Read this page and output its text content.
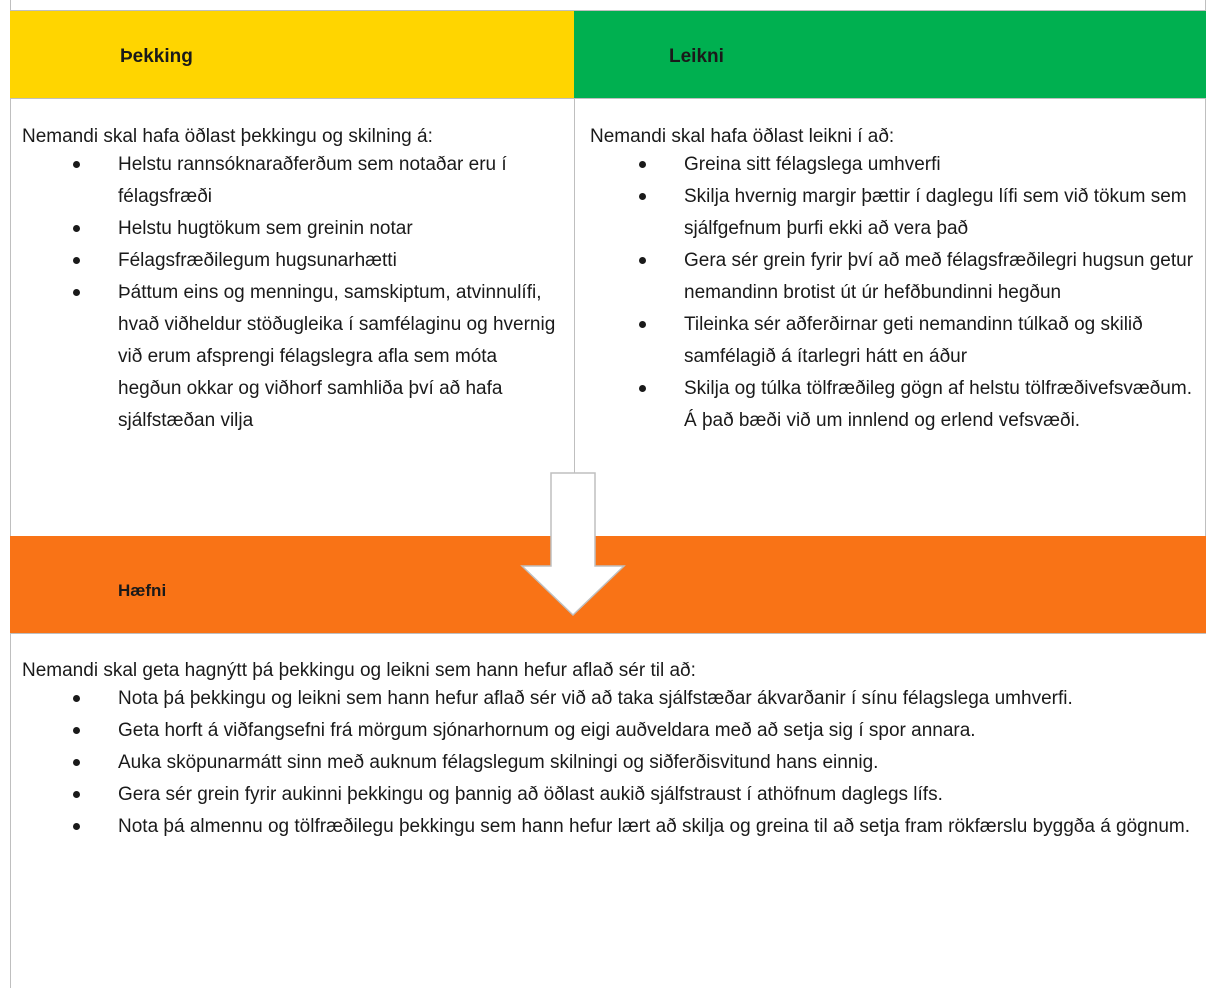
Þekking	Leikni

Nemandi skal hafa öðlast þekkingu og skilning á:

Helstu rannsóknaraðferðum sem notaðar eru í félagsfræði
Helstu hugtökum sem greinin notar
Félagsfræðilegum hugsunarhætti
Þáttum eins og menningu, samskiptum, atvinnulífi, hvað viðheldur stöðugleika í samfélaginu og hvernig við erum afsprengi félagslegra afla sem móta hegðun okkar og viðhorf samhliða því að hafa sjálfstæðan vilja

Nemandi skal hafa öðlast leikni í að:

Greina sitt félagslega umhverfi
Skilja hvernig margir þættir í daglegu lífi sem við tökum sem sjálfgefnum þurfi ekki að vera það
Gera sér grein fyrir því að með félagsfræðilegri hugsun getur nemandinn brotist út úr hefðbundinni hegðun
Tileinka sér aðferðirnar geti nemandinn túlkað og skilið samfélagið á ítarlegri hátt en áður
Skilja og túlka tölfræðileg gögn af helstu tölfræðivefsvæðum. Á það bæði við um innlend og erlend vefsvæði.
Hæfni

Nemandi skal geta hagnýtt þá þekkingu og leikni sem hann hefur aflað sér til að:

Nota þá þekkingu og leikni sem hann hefur aflað sér við að taka sjálfstæðar ákvarðanir í sínu félagslega umhverfi.
Geta horft á viðfangsefni frá mörgum sjónarhornum og eigi auðveldara með að setja sig í spor annara.
Auka sköpunarmátt sinn með auknum félagslegum skilningi og siðferðisvitund hans einnig.
Gera sér grein fyrir aukinni þekkingu og þannig að öðlast aukið sjálfstraust í athöfnum daglegs lífs.
Nota þá almennu og tölfræðilegu þekkingu sem hann hefur lært að skilja og greina til að setja fram rökfærslu byggða á gögnum.
